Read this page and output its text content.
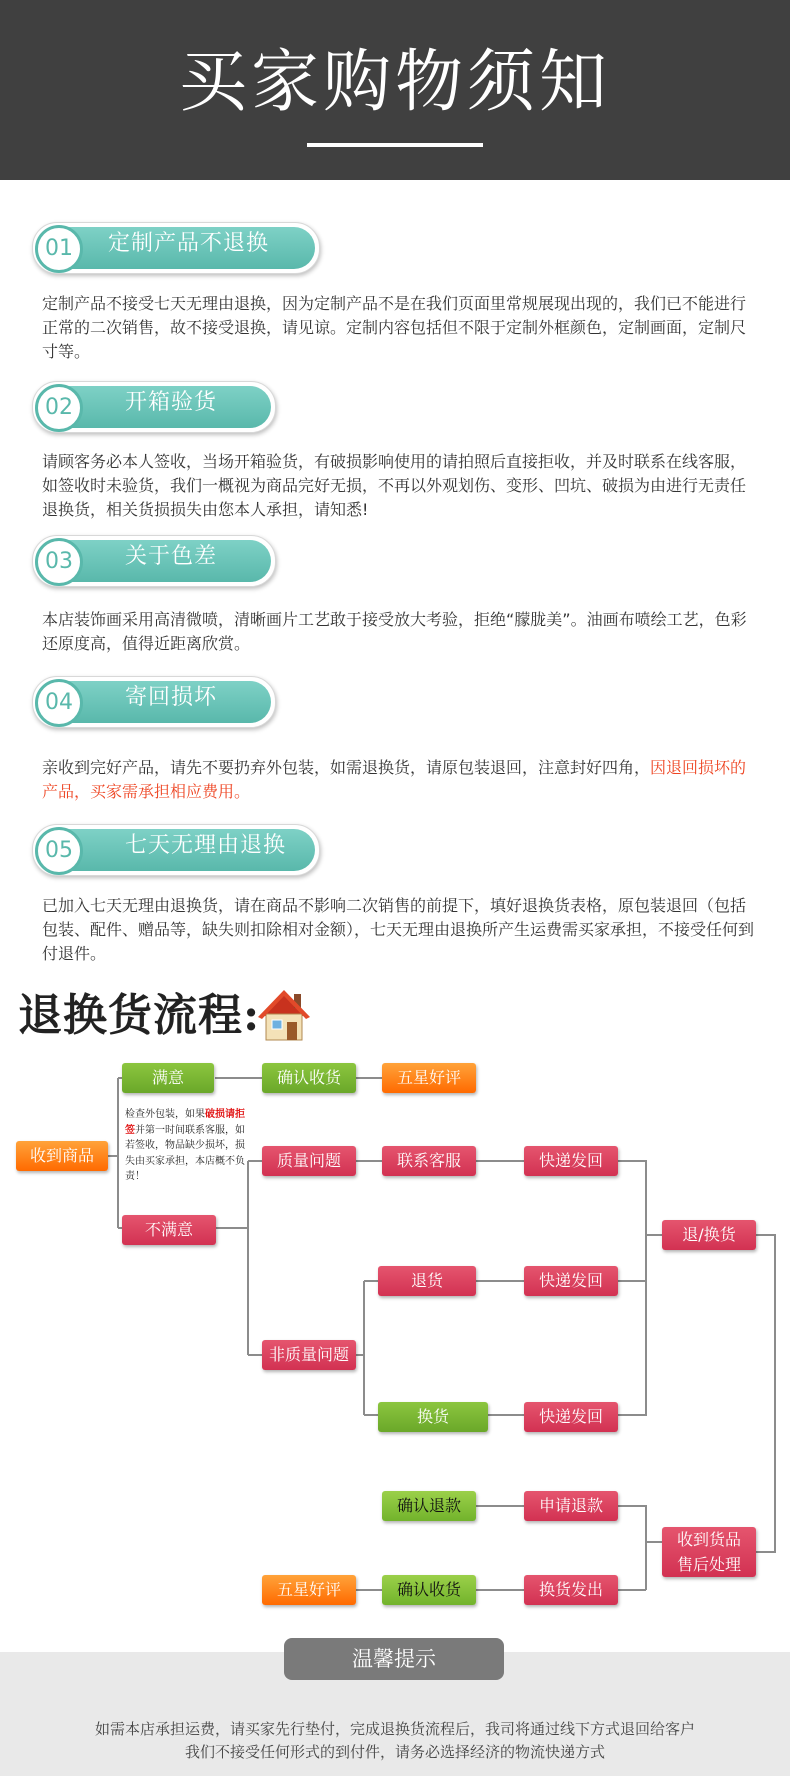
买家购物须知
01	定制产品不退换
定制产品不接受七天无理由退换，因为定制产品不是在我们页面里常规展现出现的，我们已不能进行正常的二次销售，故不接受退换，请见谅。定制内容包括但不限于定制外框颜色，定制画面，定制尺寸等。
02	开箱验货
请顾客务必本人签收，当场开箱验货，有破损影响使用的请拍照后直接拒收，并及时联系在线客服，如签收时未验货，我们一概视为商品完好无损，不再以外观划伤、变形、凹坑、破损为由进行无责任退换货，相关货损损失由您本人承担，请知悉!
03	关于色差
本店装饰画采用高清微喷，清晰画片工艺敢于接受放大考验，拒绝“朦胧美”。油画布喷绘工艺，色彩还原度高，值得近距离欣赏。
04	寄回损坏
亲收到完好产品，请先不要扔弃外包装，如需退换货，请原包装退回，注意封好四角，因退回损坏的产品，买家需承担相应费用。
05	七天无理由退换
已加入七天无理由退换货，请在商品不影响二次销售的前提下，填好退换货表格，原包装退回（包括包装、配件、赠品等，缺失则扣除相对金额），七天无理由退换所产生运费需买家承担，不接受任何到付退件。
退换货流程:
收到商品
满意	确认收货	五星好评
检查外包装，如果破损请拒签并第一时间联系客服，如若签收，物品缺少损坏，损失由买家承担，本店概不负责！
不满意
质量问题	联系客服	快递发回
退/换货
退货	快递发回
非质量问题
换货	快递发回
确认退款	申请退款
收到货品
售后处理
五星好评	确认收货	换货发出
温馨提示
如需本店承担运费，请买家先行垫付，完成退换货流程后，我司将通过线下方式退回给客户
我们不接受任何形式的到付件，请务必选择经济的物流快递方式
